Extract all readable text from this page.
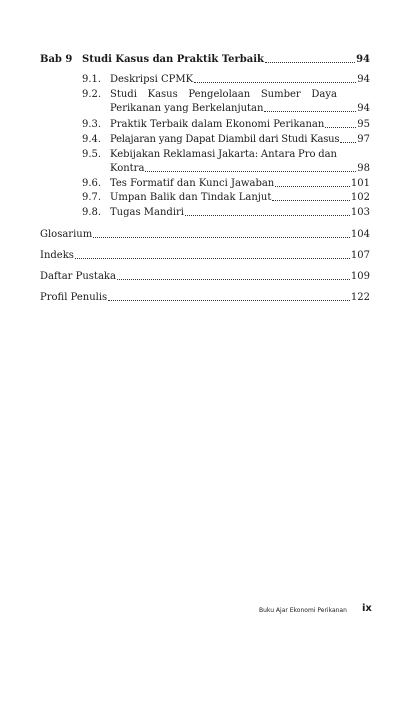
Bab 9 Studi Kasus dan Praktik Terbaik	94
9.1. Deskripsi CPMK	94
9.2. Studi Kasus Pengelolaan Sumber Daya
Perikanan yang Berkelanjutan	94
9.3. Praktik Terbaik dalam Ekonomi Perikanan	95
9.4. Pelajaran yang Dapat Diambil dari Studi Kasus 97
9.5. Kebijakan Reklamasi Jakarta: Antara Pro dan
Kontra	98
9.6. Tes Formatif dan Kunci Jawaban	101
9.7. Umpan Balik dan Tindak Lanjut	102
9.8. Tugas Mandiri	103
Glosarium	104
Indeks	107
Daftar Pustaka	109
Profil Penulis	122
Buku Ajar Ekonomi Perikanan ix
